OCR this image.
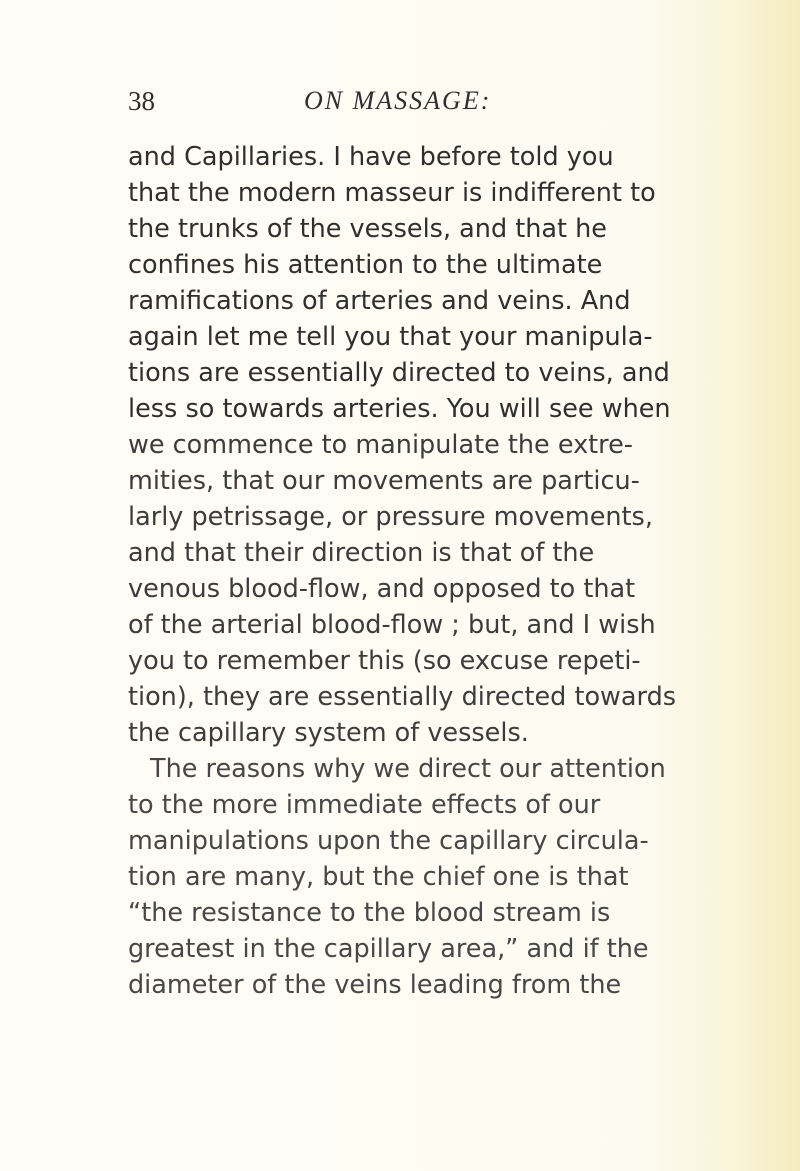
38	ON MASSAGE:
and Capillaries. I have before told you
that the modern masseur is indifferent to
the trunks of the vessels, and that he
confines his attention to the ultimate
ramifications of arteries and veins. And
again let me tell you that your manipula-
tions are essentially directed to veins, and
less so towards arteries. You will see when
we commence to manipulate the extre-
mities, that our movements are particu-
larly petrissage, or pressure movements,
and that their direction is that of the
venous blood-flow, and opposed to that
of the arterial blood-flow ; but, and I wish
you to remember this (so excuse repeti-
tion), they are essentially directed towards
the capillary system of vessels.
The reasons why we direct our attention
to the more immediate effects of our
manipulations upon the capillary circula-
tion are many, but the chief one is that
“the resistance to the blood stream is
greatest in the capillary area,” and if the
diameter of the veins leading from the
